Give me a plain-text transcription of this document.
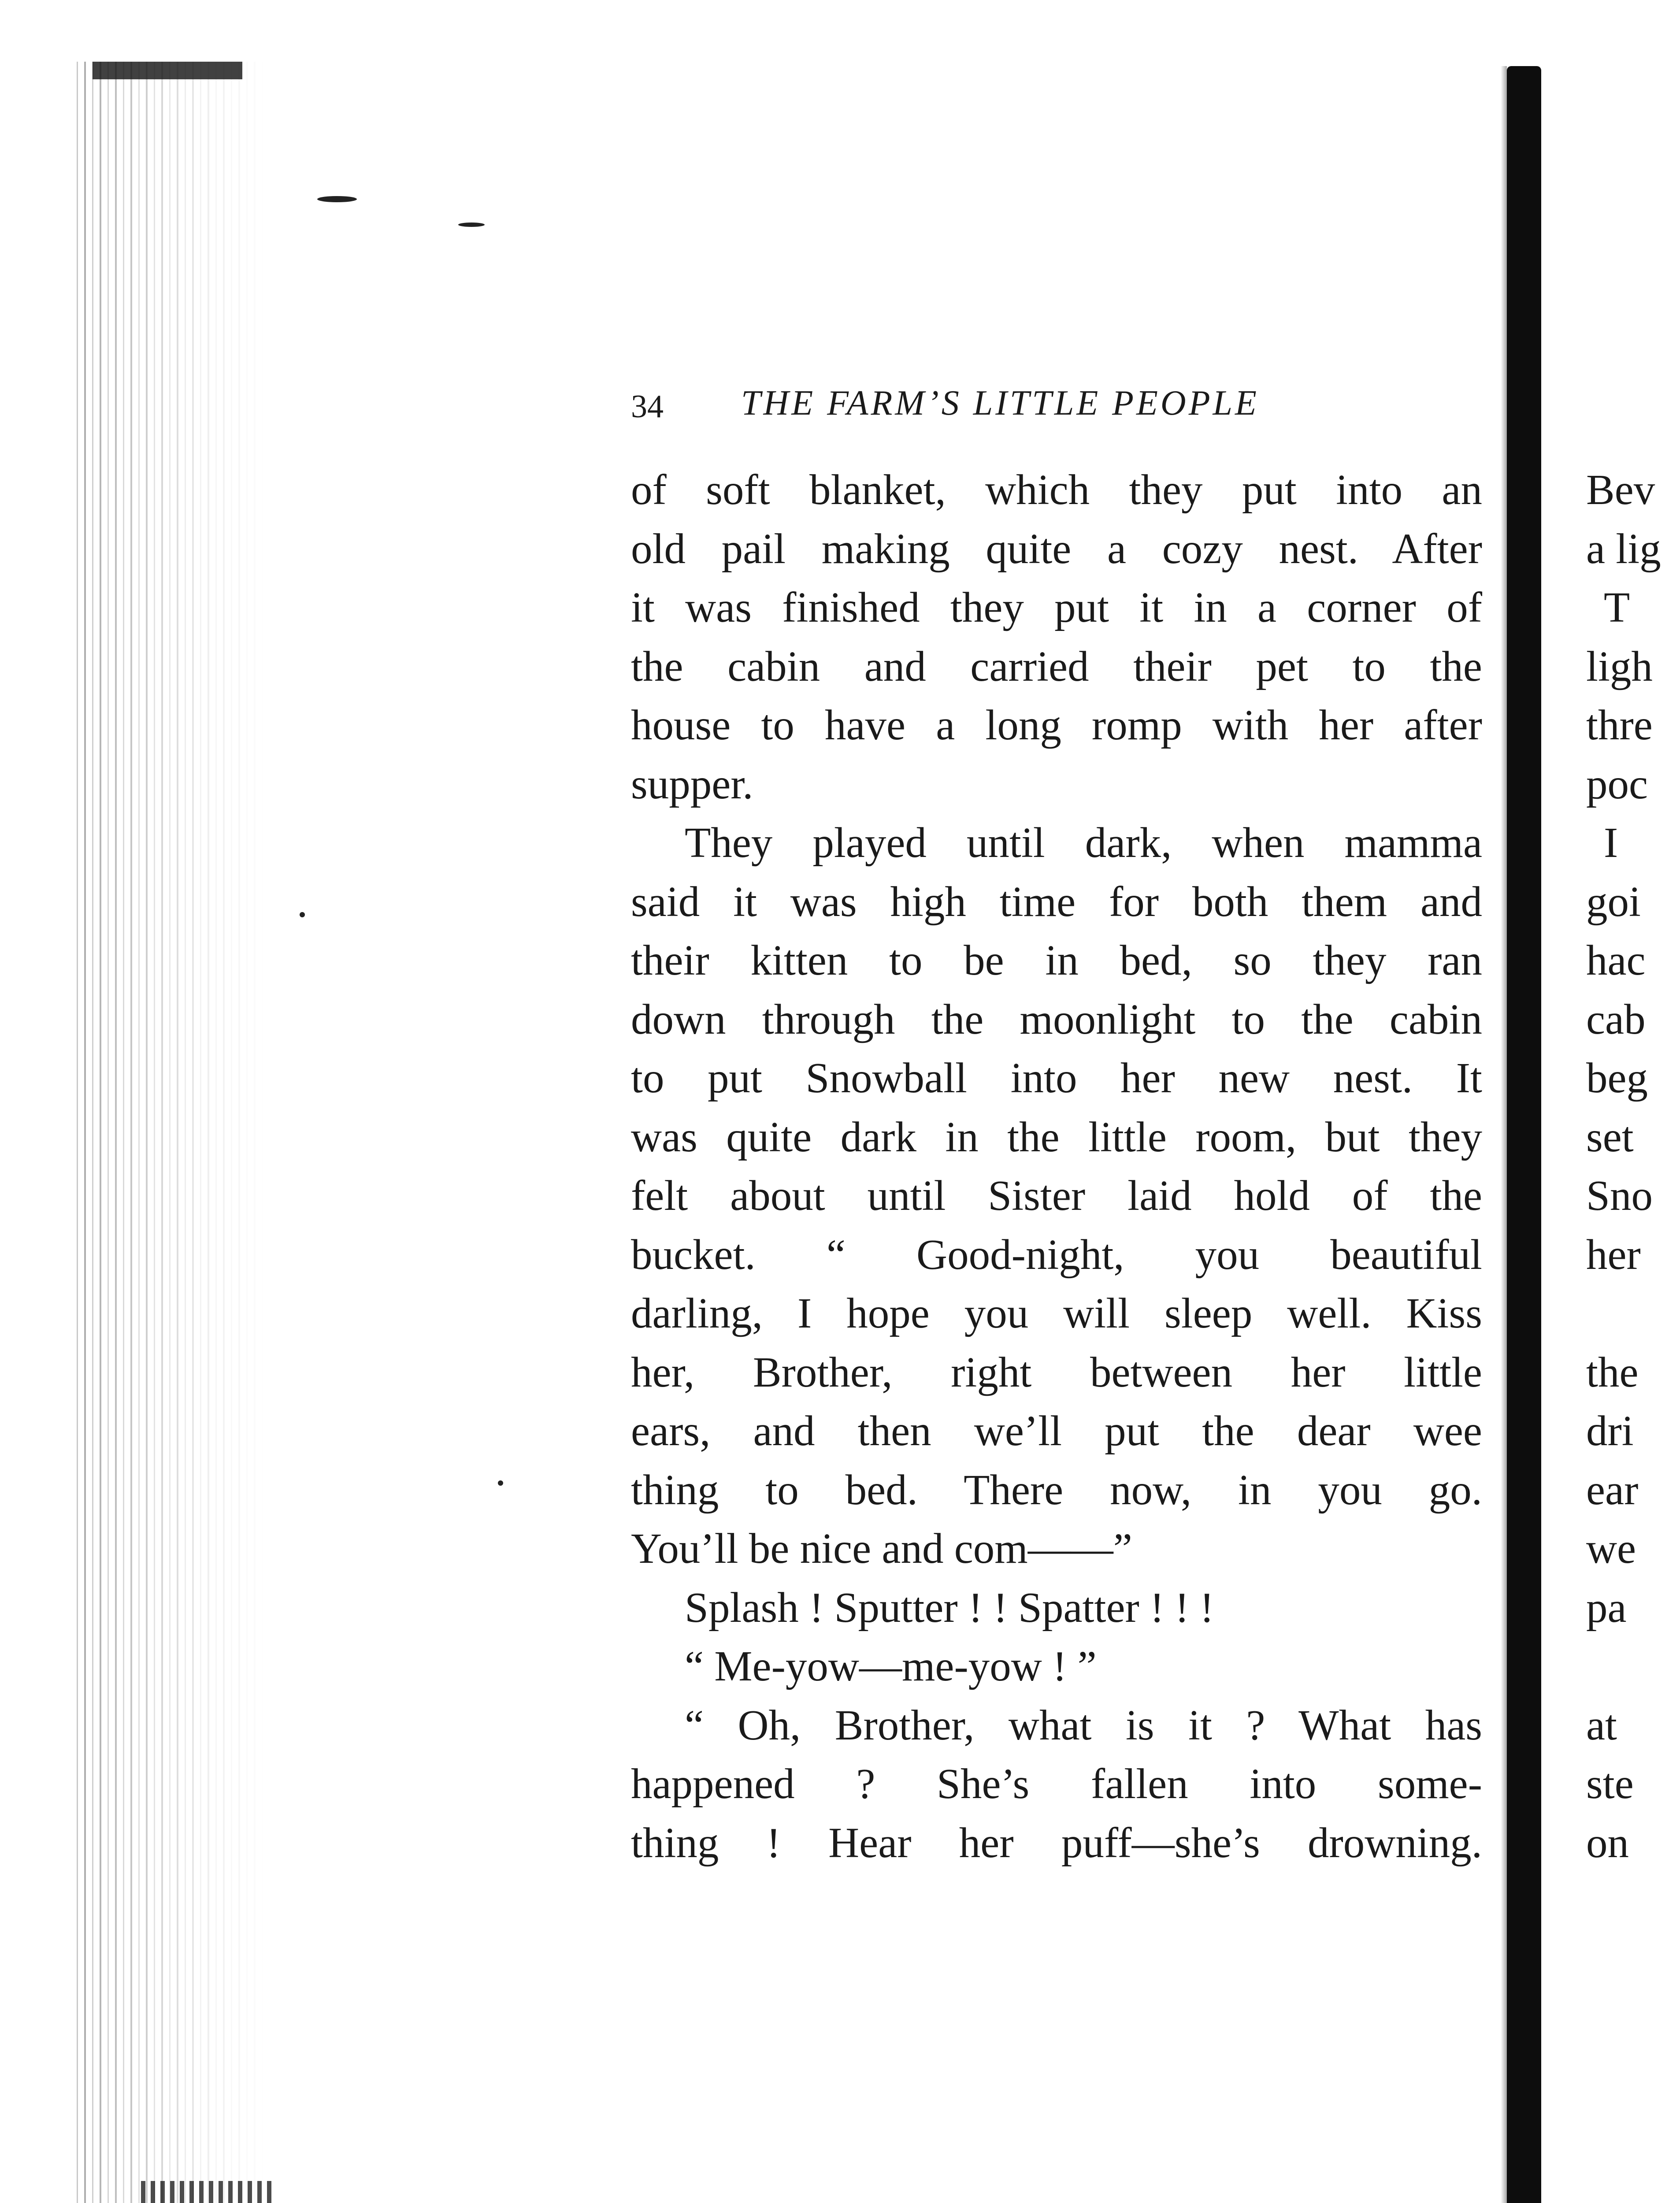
34 THE FARM’S LITTLE PEOPLE
of soft blanket, which they put into an
old pail making quite a cozy nest. After
it was finished they put it in a corner of
the cabin and carried their pet to the
house to have a long romp with her after
supper.
They played until dark, when mamma
said it was high time for both them and
their kitten to be in bed, so they ran
down through the moonlight to the cabin
to put Snowball into her new nest. It
was quite dark in the little room, but they
felt about until Sister laid hold of the
bucket. “ Good-night, you beautiful
darling, I hope you will sleep well. Kiss
her, Brother, right between her little
ears, and then we’ll put the dear wee
thing to bed. There now, in you go.
You’ll be nice and com——”
Splash ! Sputter ! ! Spatter ! ! !
“ Me-yow—me-yow ! ”
“ Oh, Brother, what is it ? What has
happened ? She’s fallen into some-
thing ! Hear her puff—she’s drowning.
Bev
a lig
T
ligh
thre
poc
I
goi
hac
cab
beg
set
Sno
her
the
dri
ear
we
pa
at
ste
on
